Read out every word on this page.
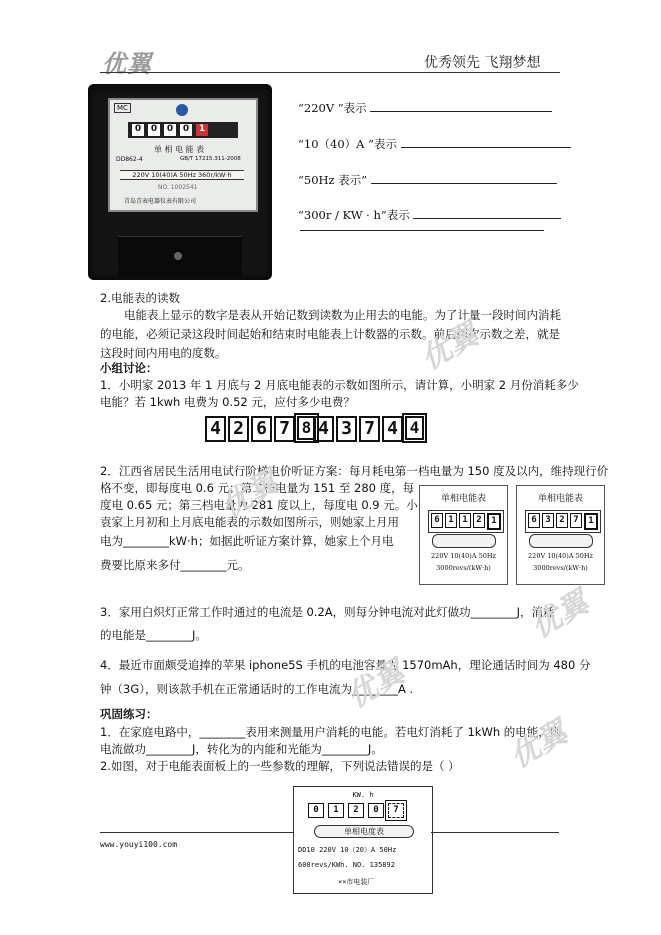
优翼	优秀领先 飞翔梦想
MC
0	0	0	0	1
单 相 电 能 表
DD862-4	GB/T 17215.311-2008
220V 10(40)A 50Hz 360r/kW·h
NO. 1002541
青岛青表电器仪表有限公司
“220V ”表示
“10（40）A ”表示
“50Hz 表示”
“300r / KW · h”表示
2.电能表的读数
电能表上显示的数字是表从开始记数到读数为止用去的电能。为了计量一段时间内消耗的电能，必须记录这段时间起始和结束时电能表上计数器的示数。前后两次示数之差，就是这段时间内用电的度数。
小组讨论：
1．小明家 2013 年 1 月底与 2 月底电能表的示数如图所示，请计算，小明家 2 月份消耗多少
电能？若 1kwh 电费为 0.52 元，应付多少电费？
4 2 6 7 8 4 3 7 4 4
2．江西省居民生活用电试行阶梯电价听证方案：每月耗电第一档电量为 150 度及以内，维持现行价
格不变，即每度电 0.6 元；第二档电量为 151 至 280 度，每
度电 0.65 元；第三档电量为 281 度以上，每度电 0.9 元。小
袁家上月初和上月底电能表的示数如图所示，则她家上月用
电为________kW·h；如据此听证方案计算，她家上个月电
费要比原来多付________元。
单相电能表
6 1 1 2	1
220V 10(40)A 50Hz
3000revs/(kW·h)
单相电能表
6 3 2 7	1
220V 10(40)A 50Hz
3000revs/(kW·h)
3．家用白炽灯正常工作时通过的电流是 0.2A，则每分钟电流对此灯做功________J，消耗
的电能是________J。
4．最近市面颇受追捧的苹果 iphone5S 手机的电池容量为 1570mAh，理论通话时间为 480 分
钟（3G），则该款手机在正常通话时的工作电流为________A .
巩固练习：
1．在家庭电路中，________表用来测量用户消耗的电能。若电灯消耗了 1kWh 的电能，则
电流做功________J，转化为的内能和光能为________J。
2.如图，对于电能表面板上的一些参数的理解，下列说法错误的是（ ）
KW. h
0	1	2	0	7
单相电度表
DD10 220V 10（20）A 50Hz
600revs/KWh. NO. 135892
××市电装厂
www.youyi100.com
优翼
优翼
优翼
优翼
优翼
